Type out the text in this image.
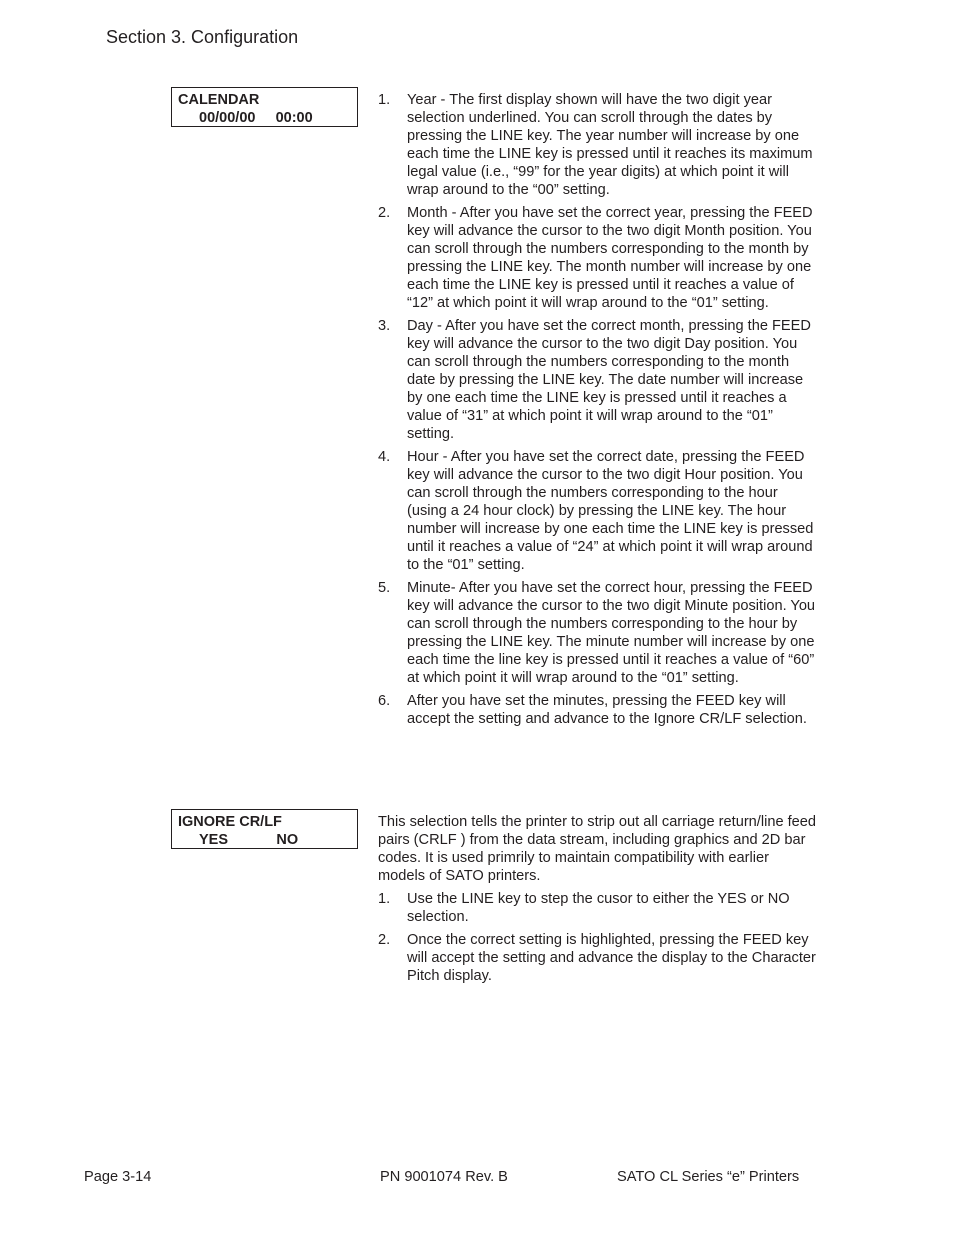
Section 3. Configuration
CALENDAR
00/00/00     00:00
1. Year - The first display shown will have the two digit year selection underlined. You can scroll through the dates by pressing the LINE key. The year number will increase by one each time the LINE key is pressed until it reaches its maximum legal value (i.e., “99” for the year digits) at which point it will wrap around to the “00” setting.
2. Month - After you have set the correct year, pressing the FEED key will advance the cursor to the two digit Month position. You can scroll through the numbers corresponding to the month by pressing the LINE key. The month number will increase by one each time the LINE key is pressed until it reaches a value of “12” at which point it will wrap around to the “01” setting.
3. Day - After you have set the correct month, pressing the FEED key will advance the cursor to the two digit Day position. You can scroll through the numbers corresponding to the month date by pressing the LINE key. The date number will increase by one each time the LINE key is pressed until it reaches a value of “31” at which point it will wrap around to the “01” setting.
4. Hour - After you have set the correct date, pressing the FEED key will advance the cursor to the two digit Hour position. You can scroll through the numbers corresponding to the hour (using a 24 hour clock) by pressing the LINE key. The hour number will increase by one each time the LINE key is pressed until it reaches a value of “24” at which point it will wrap around to the “01” setting.
5. Minute- After you have set the correct hour, pressing the FEED key will advance the cursor to the two digit Minute position. You can scroll through the numbers corresponding to the hour by pressing the LINE key. The minute number will increase by one each time the line key is pressed until it reaches a value of “60” at which point it will wrap around to the “01” setting.
6. After you have set the minutes, pressing the FEED key will accept the setting and advance to the Ignore CR/LF selection.
IGNORE CR/LF
YES            NO
This selection tells the printer to strip out all carriage return/line feed pairs (CRLF ) from the data stream, including graphics and 2D bar codes. It is used primrily to maintain compatibility with earlier models of SATO printers.
1. Use the LINE key to step the cusor to either the YES or NO selection.
2. Once the correct setting is highlighted, pressing the FEED key will accept the setting and advance the display to the Character Pitch display.
Page 3-14	PN 9001074 Rev. B	SATO CL Series “e” Printers
